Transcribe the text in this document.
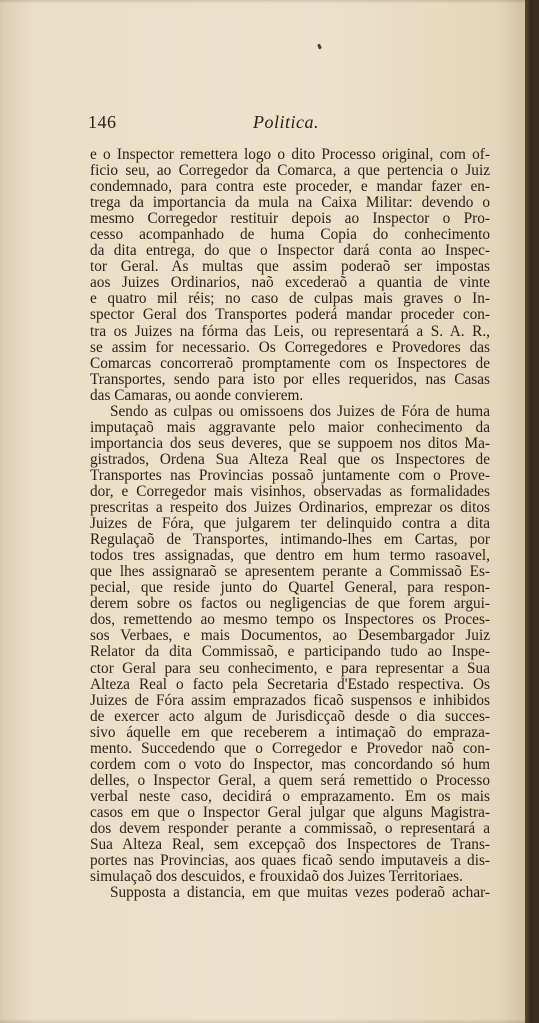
146	Politica.
e o Inspector remettera logo o dito Processo original, com of-
ficio seu, ao Corregedor da Comarca, a que pertencia o Juiz
condemnado, para contra este proceder, e mandar fazer en-
trega da importancia da mula na Caixa Militar: devendo o
mesmo Corregedor restituir depois ao Inspector o Pro-
cesso acompanhado de huma Copia do conhecimento
da dita entrega, do que o Inspector dará conta ao Inspec-
tor Geral. As multas que assim poderaõ ser impostas
aos Juizes Ordinarios, naõ excederaõ a quantia de vinte
e quatro mil réis; no caso de culpas mais graves o In-
spector Geral dos Transportes poderá mandar proceder con-
tra os Juizes na fórma das Leis, ou representará a S. A. R.,
se assim for necessario. Os Corregedores e Provedores das
Comarcas concorreraõ promptamente com os Inspectores de
Transportes, sendo para isto por elles requeridos, nas Casas
das Camaras, ou aonde convierem.
Sendo as culpas ou omissoens dos Juizes de Fóra de huma
imputaçaõ mais aggravante pelo maior conhecimento da
importancia dos seus deveres, que se suppoem nos ditos Ma-
gistrados, Ordena Sua Alteza Real que os Inspectores de
Transportes nas Provincias possaõ juntamente com o Prove-
dor, e Corregedor mais visinhos, observadas as formalidades
prescritas a respeito dos Juizes Ordinarios, emprezar os ditos
Juizes de Fóra, que julgarem ter delinquido contra a dita
Regulaçaõ de Transportes, intimando-lhes em Cartas, por
todos tres assignadas, que dentro em hum termo rasoavel,
que lhes assignaraõ se apresentem perante a Commissaõ Es-
pecial, que reside junto do Quartel General, para respon-
derem sobre os factos ou negligencias de que forem argui-
dos, remettendo ao mesmo tempo os Inspectores os Proces-
sos Verbaes, e mais Documentos, ao Desembargador Juiz
Relator da dita Commissaõ, e participando tudo ao Inspe-
ctor Geral para seu conhecimento, e para representar a Sua
Alteza Real o facto pela Secretaria d'Estado respectiva. Os
Juizes de Fóra assim emprazados ficaõ suspensos e inhibidos
de exercer acto algum de Jurisdicçaõ desde o dia succes-
sivo áquelle em que receberem a intimaçaõ do empraza-
mento. Succedendo que o Corregedor e Provedor naõ con-
cordem com o voto do Inspector, mas concordando só hum
delles, o Inspector Geral, a quem será remettido o Processo
verbal neste caso, decidirá o emprazamento. Em os mais
casos em que o Inspector Geral julgar que alguns Magistra-
dos devem responder perante a commissaõ, o representará a
Sua Alteza Real, sem excepçaõ dos Inspectores de Trans-
portes nas Provincias, aos quaes ficaõ sendo imputaveis a dis-
simulaçaõ dos descuidos, e frouxidaõ dos Juizes Territoriaes.
Supposta a distancia, em que muitas vezes poderaõ achar-
